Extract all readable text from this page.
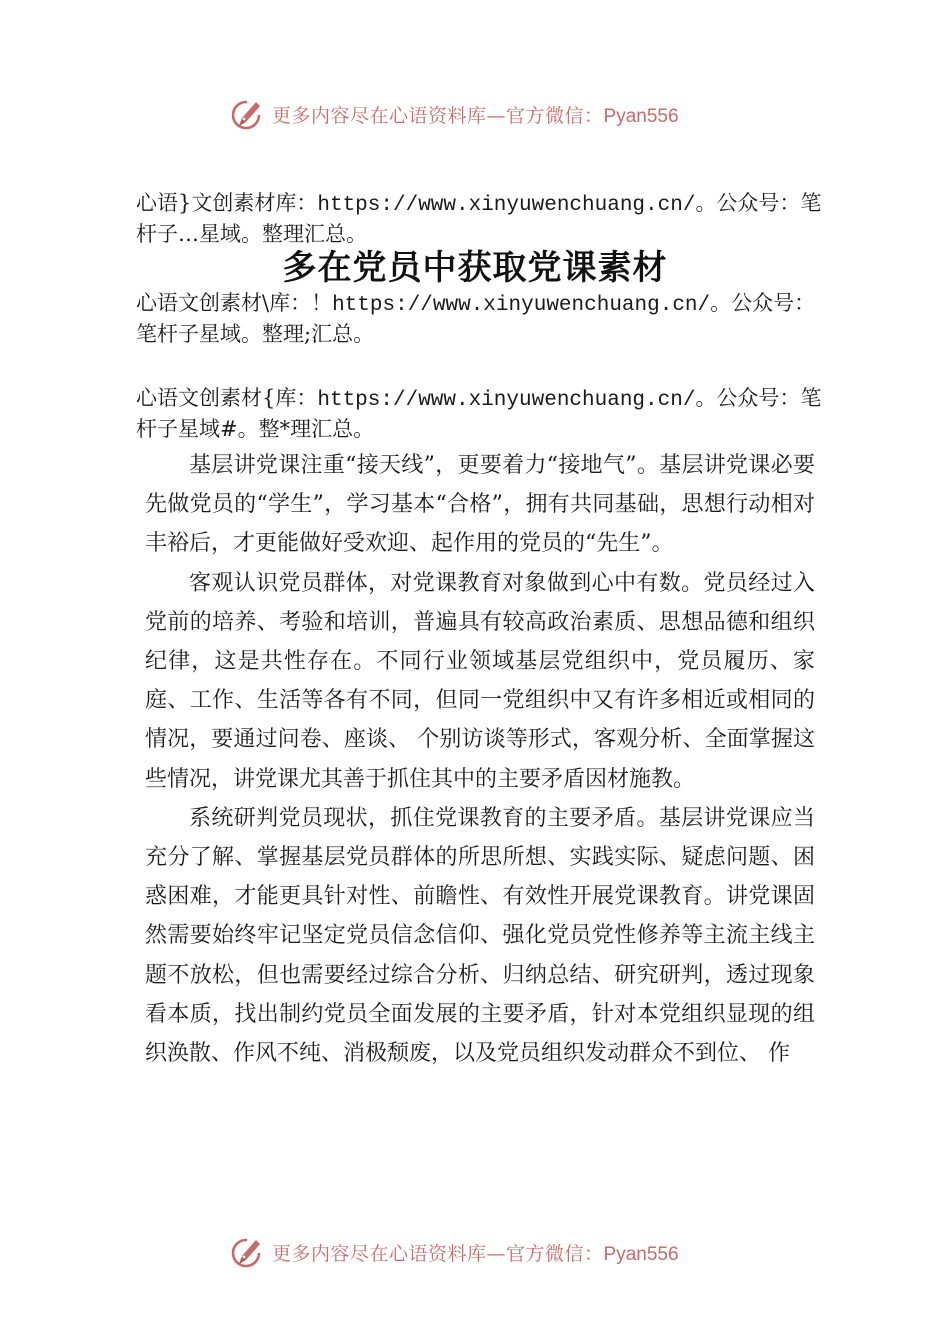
更多内容尽在心语资料库—官方微信：Pyan556
心语}文创素材库：https://www.xinyuwenchuang.cn/。公众号：笔杆子…星域。整理汇总。
多在党员中获取党课素材
心语文创素材\库：！https://www.xinyuwenchuang.cn/。公众号：笔杆子星域。整理;汇总。
心语文创素材{库：https://www.xinyuwenchuang.cn/。公众号：笔杆子星域#。整*理汇总。

基层讲党课注重“接天线”，更要着力“接地气”。基层讲党课必要先做党员的“学生”，学习基本“合格”，拥有共同基础，思想行动相对丰裕后，才更能做好受欢迎、起作用的党员的“先生”。

客观认识党员群体，对党课教育对象做到心中有数。党员经过入党前的培养、考验和培训，普遍具有较高政治素质、思想品德和组织纪律，这是共性存在。不同行业领域基层党组织中，党员履历、家庭、工作、生活等各有不同，但同一党组织中又有许多相近或相同的情况，要通过问卷、座谈、 个别访谈等形式，客观分析、全面掌握这些情况，讲党课尤其善于抓住其中的主要矛盾因材施教。

系统研判党员现状，抓住党课教育的主要矛盾。基层讲党课应当充分了解、掌握基层党员群体的所思所想、实践实际、疑虑问题、困惑困难，才能更具针对性、前瞻性、有效性开展党课教育。讲党课固然需要始终牢记坚定党员信念信仰、强化党员党性修养等主流主线主题不放松，但也需要经过综合分析、归纳总结、研究研判，透过现象看本质，找出制约党员全面发展的主要矛盾，针对本党组织显现的组织涣散、作风不纯、消极颓废，以及党员组织发动群众不到位、 作

更多内容尽在心语资料库—官方微信：Pyan556
